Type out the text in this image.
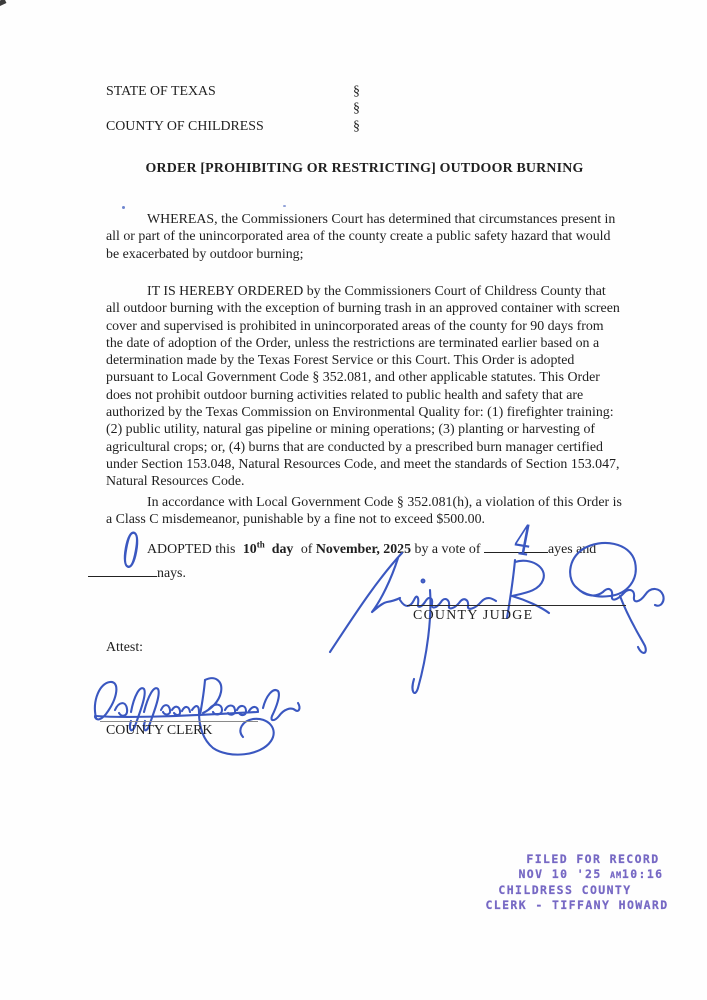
STATE OF TEXAS	§
§
COUNTY OF CHILDRESS	§
ORDER [PROHIBITING OR RESTRICTING] OUTDOOR BURNING
WHEREAS, the Commissioners Court has determined that circumstances present in all or part of the unincorporated area of the county create a public safety hazard that would be exacerbated by outdoor burning;
IT IS HEREBY ORDERED by the Commissioners Court of Childress County that all outdoor burning with the exception of burning trash in an approved container with screen cover and supervised is prohibited in unincorporated areas of the county for 90 days from the date of adoption of the Order, unless the restrictions are terminated earlier based on a determination made by the Texas Forest Service or this Court. This Order is adopted pursuant to Local Government Code § 352.081, and other applicable statutes. This Order does not prohibit outdoor burning activities related to public health and safety that are authorized by the Texas Commission on Environmental Quality for: (1) firefighter training: (2) public utility, natural gas pipeline or mining operations; (3) planting or harvesting of agricultural crops; or, (4) burns that are conducted by a prescribed burn manager certified under Section 153.048, Natural Resources Code, and meet the standards of Section 153.047, Natural Resources Code.
In accordance with Local Government Code § 352.081(h), a violation of this Order is a Class C misdemeanor, punishable by a fine not to exceed $500.00.
ADOPTED this 10th day of November, 2025 by a vote of	ayes and
nays.
4
0
COUNTY JUDGE
Attest:
COUNTY CLERK
FILED FOR RECORD
NOV 10 '25 AM10:16
CHILDRESS COUNTY
CLERK - TIFFANY HOWARD
